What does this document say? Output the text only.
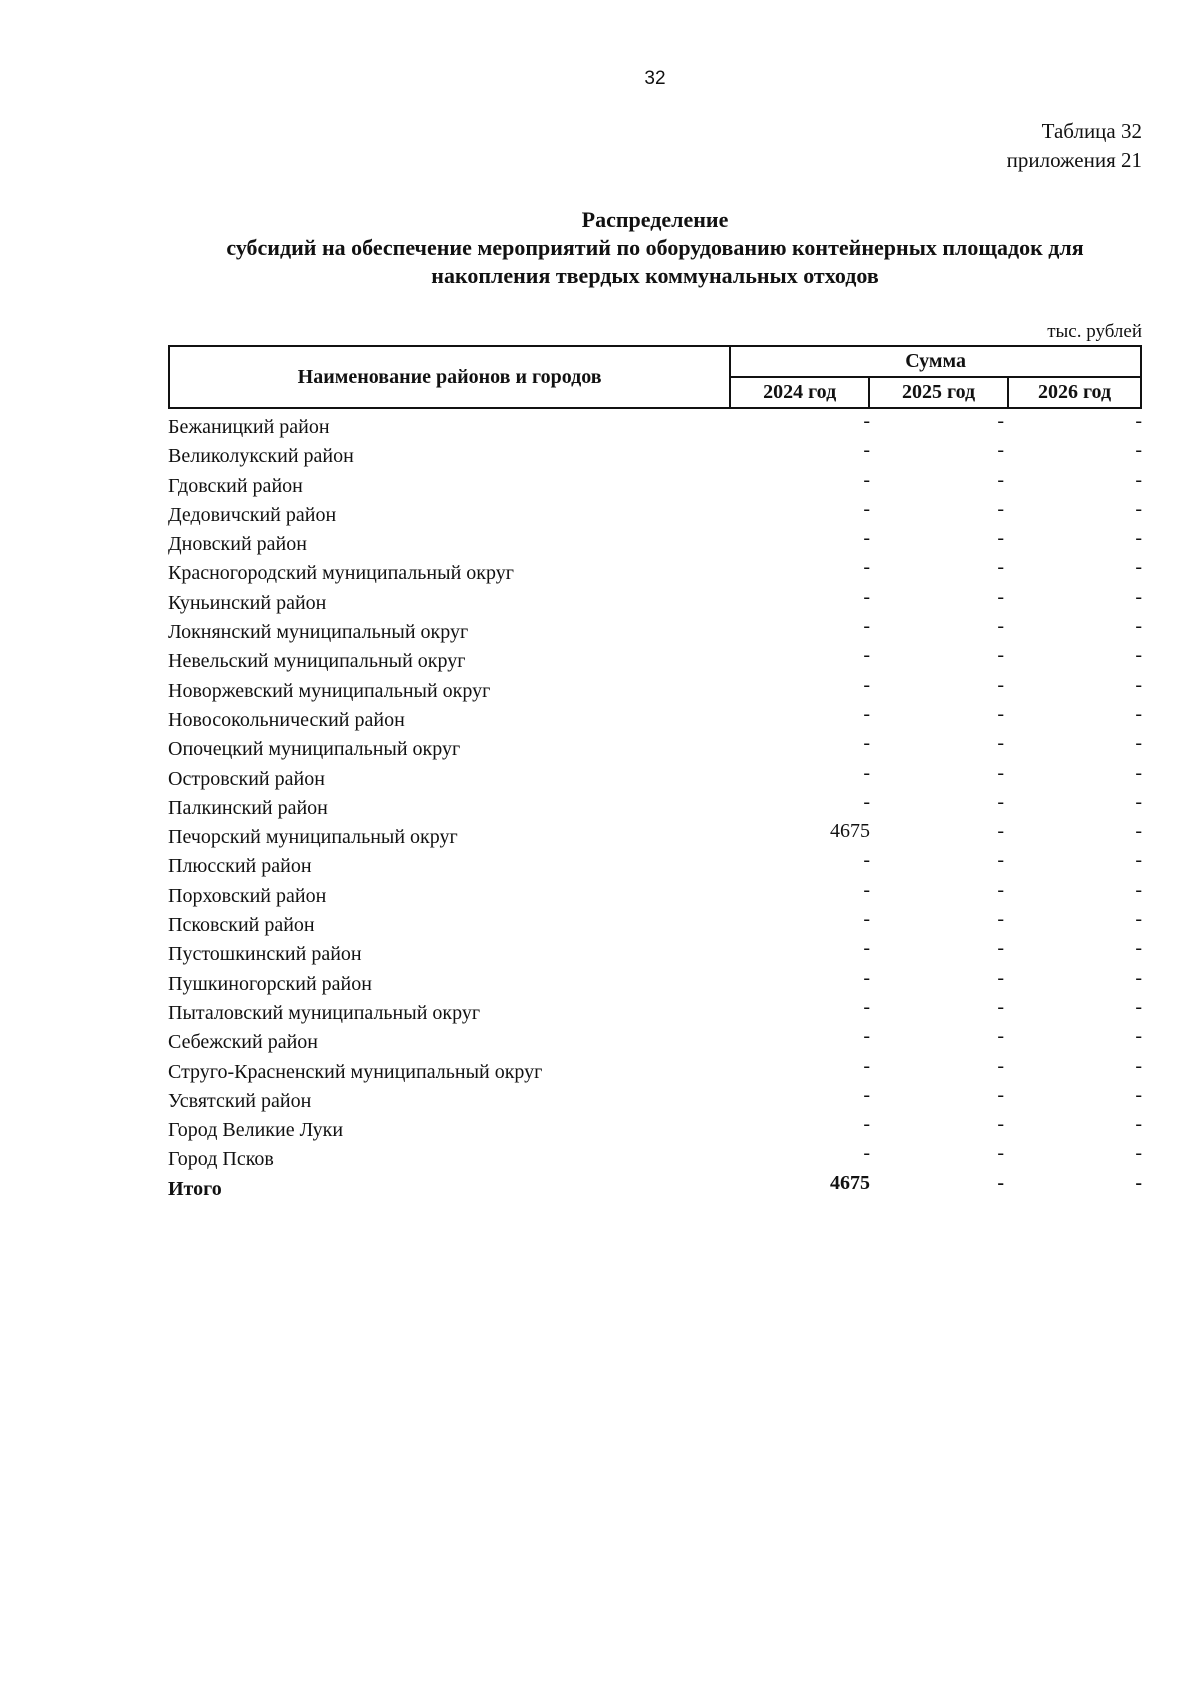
32
Таблица 32
приложения 21
Распределение
субсидий на обеспечение мероприятий по оборудованию контейнерных площадок для
накопления твердых коммунальных отходов
тыс. рублей
Наименование районов и городов	Сумма		
	2024 год	2025 год	2026 год
Бежаницкий район	-	-	-
Великолукский район	-	-	-
Гдовский район	-	-	-
Дедовичский район	-	-	-
Дновский район	-	-	-
Красногородский муниципальный округ	-	-	-
Куньинский район	-	-	-
Локнянский муниципальный округ	-	-	-
Невельский муниципальный округ	-	-	-
Новоржевский муниципальный округ	-	-	-
Новосокольнический район	-	-	-
Опочецкий муниципальный округ	-	-	-
Островский район	-	-	-
Палкинский район	-	-	-
Печорский муниципальный округ	4675	-	-
Плюсский район	-	-	-
Порховский район	-	-	-
Псковский район	-	-	-
Пустошкинский район	-	-	-
Пушкиногорский район	-	-	-
Пыталовский муниципальный округ	-	-	-
Себежский район	-	-	-
Струго-Красненский муниципальный округ	-	-	-
Усвятский район	-	-	-
Город Великие Луки	-	-	-
Город Псков	-	-	-
Итого	4675	-	-
